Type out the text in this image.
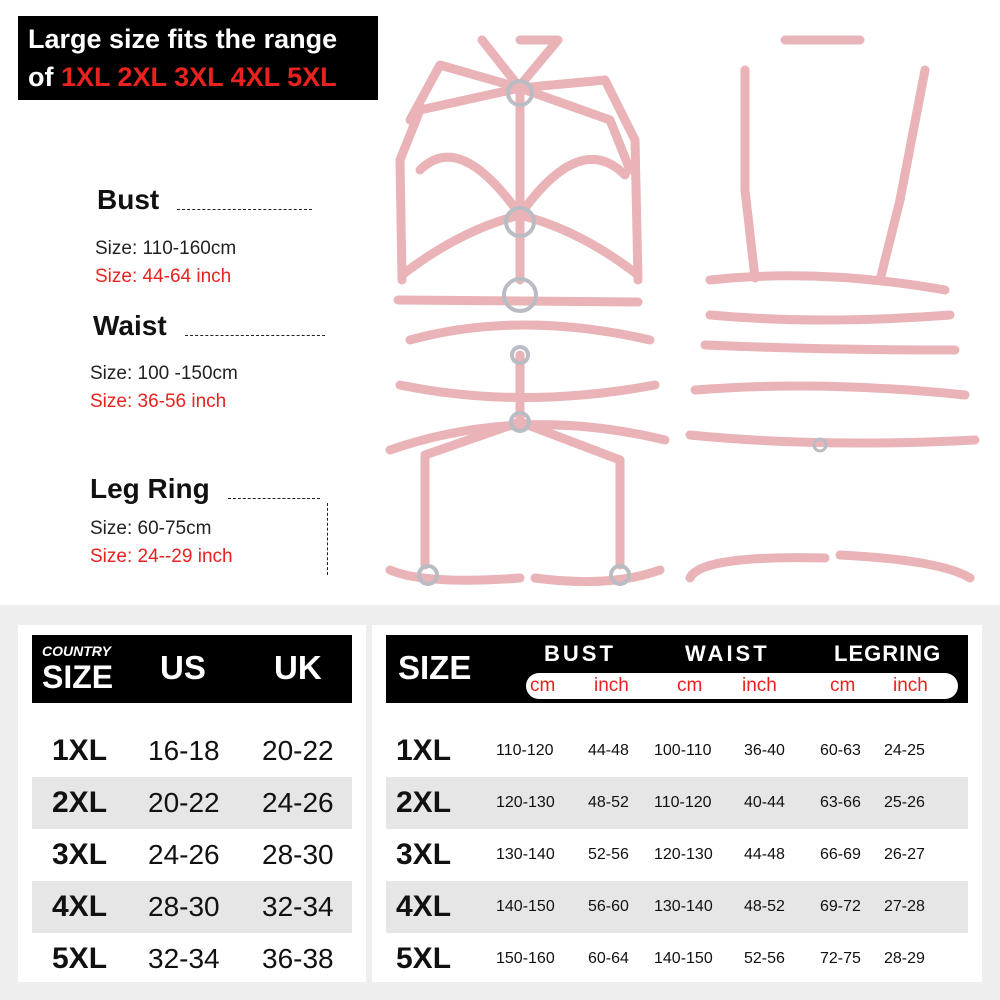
Large size fits the range
of 1XL 2XL 3XL 4XL 5XL
Bust
Size: 110-160cm
Size: 44-64 inch
Waist
Size: 100 -150cm
Size: 36-56 inch
Leg Ring
Size: 60-75cm
Size: 24--29 inch
COUNTRY
SIZE US UK
1XL 16-18 20-22
2XL 20-22 24-26
3XL 24-26 28-30
4XL 28-30 32-34
5XL 32-34 36-38
SIZE	BUST	WAIST	LEGRING
cm inch	cm inch	cm inch
1XL	110-120 44-48 100-110 36-40 60-63 24-25
2XL	120-130 48-52 110-120 40-44 63-66 25-26
3XL	130-140 52-56 120-130 44-48 66-69 26-27
4XL	140-150 56-60 130-140 48-52 69-72 27-28
5XL	150-160 60-64 140-150 52-56 72-75 28-29
